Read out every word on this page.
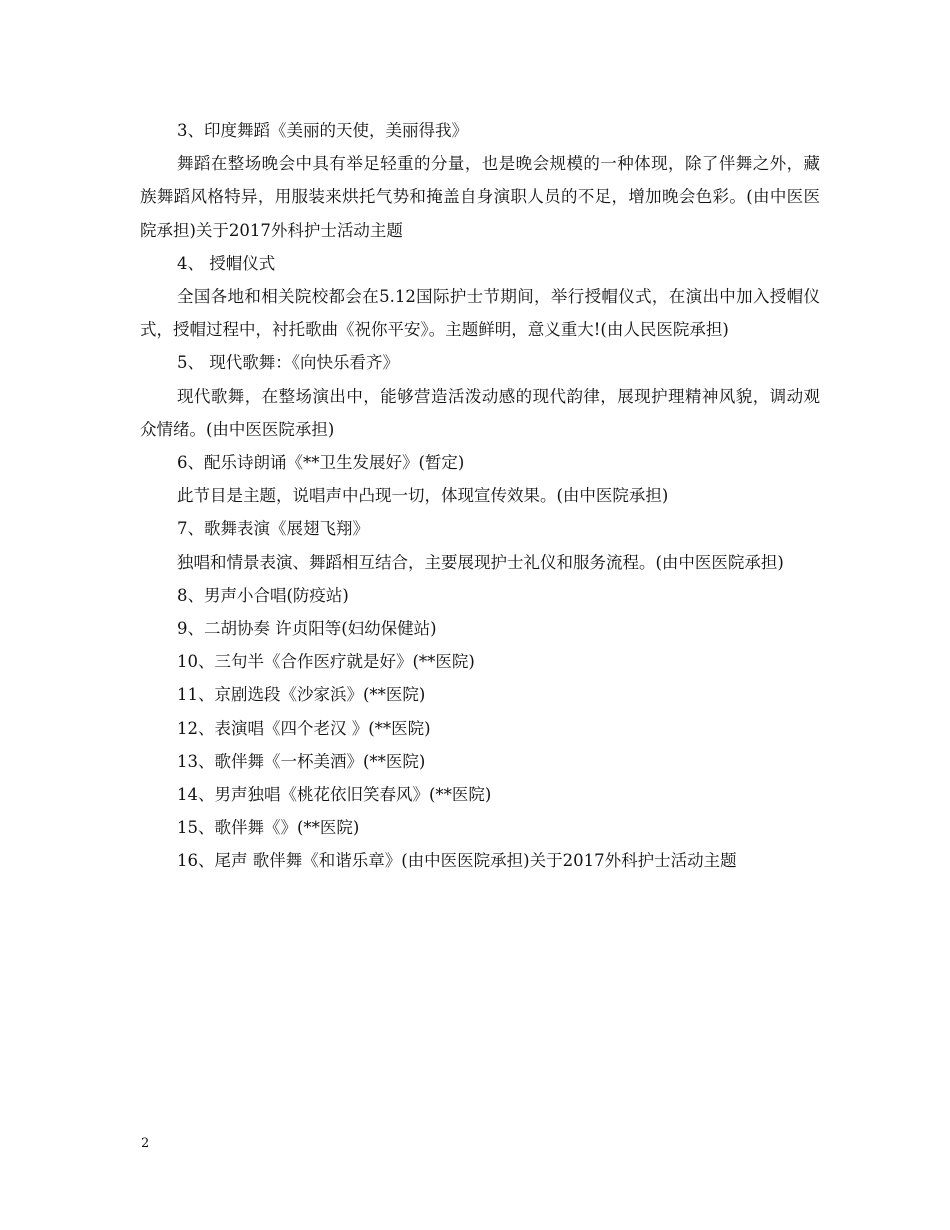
3、印度舞蹈《美丽的天使，美丽得我》

舞蹈在整场晚会中具有举足轻重的分量，也是晚会规模的一种体现，除了伴舞之外，藏族舞蹈风格特异，用服装来烘托气势和掩盖自身演职人员的不足，增加晚会色彩。(由中医医院承担)关于2017外科护士活动主题

4、 授帽仪式

全国各地和相关院校都会在5.12国际护士节期间，举行授帽仪式，在演出中加入授帽仪式，授帽过程中，衬托歌曲《祝你平安》。主题鲜明，意义重大!(由人民医院承担)

5、 现代歌舞：《向快乐看齐》

现代歌舞，在整场演出中，能够营造活泼动感的现代韵律，展现护理精神风貌，调动观众情绪。(由中医医院承担)

6、配乐诗朗诵《**卫生发展好》(暂定)

此节目是主题，说唱声中凸现一切，体现宣传效果。(由中医院承担)

7、歌舞表演《展翅飞翔》

独唱和情景表演、舞蹈相互结合，主要展现护士礼仪和服务流程。(由中医医院承担)

8、男声小合唱(防疫站)

9、二胡协奏 许贞阳等(妇幼保健站)

10、三句半《合作医疗就是好》(**医院)

11、京剧选段《沙家浜》(**医院)

12、表演唱《四个老汉 》(**医院)

13、歌伴舞《一杯美酒》(**医院)

14、男声独唱《桃花依旧笑春风》(**医院)

15、歌伴舞《》(**医院)

16、尾声 歌伴舞《和谐乐章》(由中医医院承担)关于2017外科护士活动主题

2
